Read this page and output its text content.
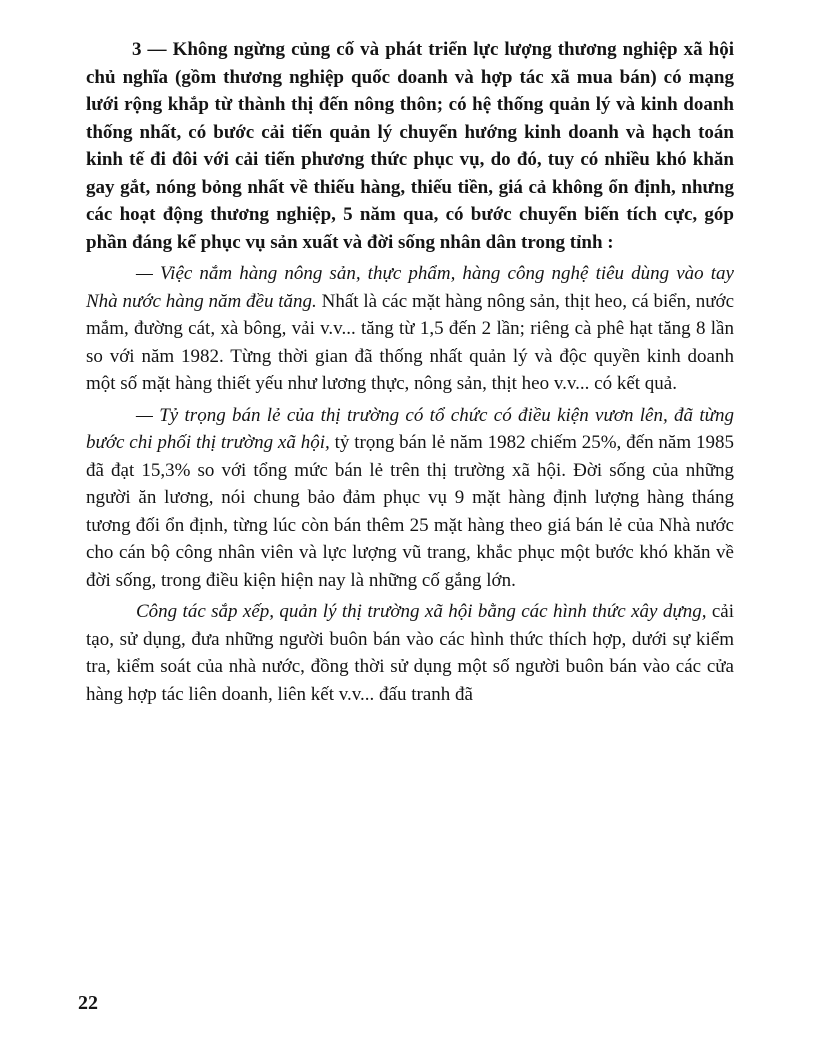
3 — Không ngừng củng cố và phát triển lực lượng thương nghiệp xã hội chủ nghĩa (gồm thương nghiệp quốc doanh và hợp tác xã mua bán) có mạng lưới rộng khắp từ thành thị đến nông thôn; có hệ thống quản lý và kinh doanh thống nhất, có bước cải tiến quản lý chuyển hướng kinh doanh và hạch toán kinh tế đi đôi với cải tiến phương thức phục vụ, do đó, tuy có nhiều khó khăn gay gắt, nóng bỏng nhất về thiếu hàng, thiếu tiền, giá cả không ổn định, nhưng các hoạt động thương nghiệp, 5 năm qua, có bước chuyển biến tích cực, góp phần đáng kể phục vụ sản xuất và đời sống nhân dân trong tỉnh :

— Việc nắm hàng nông sản, thực phẩm, hàng công nghệ tiêu dùng vào tay Nhà nước hàng năm đều tăng. Nhất là các mặt hàng nông sản, thịt heo, cá biển, nước mắm, đường cát, xà bông, vải v.v... tăng từ 1,5 đến 2 lần; riêng cà phê hạt tăng 8 lần so với năm 1982. Từng thời gian đã thống nhất quản lý và độc quyền kinh doanh một số mặt hàng thiết yếu như lương thực, nông sản, thịt heo v.v... có kết quả.

— Tỷ trọng bán lẻ của thị trường có tổ chức có điều kiện vươn lên, đã từng bước chi phối thị trường xã hội, tỷ trọng bán lẻ năm 1982 chiếm 25%, đến năm 1985 đã đạt 15,3% so với tổng mức bán lẻ trên thị trường xã hội. Đời sống của những người ăn lương, nói chung bảo đảm phục vụ 9 mặt hàng định lượng hàng tháng tương đối ổn định, từng lúc còn bán thêm 25 mặt hàng theo giá bán lẻ của Nhà nước cho cán bộ công nhân viên và lực lượng vũ trang, khắc phục một bước khó khăn về đời sống, trong điều kiện hiện nay là những cố gắng lớn.

Công tác sắp xếp, quản lý thị trường xã hội bằng các hình thức xây dựng, cải tạo, sử dụng, đưa những người buôn bán vào các hình thức thích hợp, dưới sự kiểm tra, kiểm soát của nhà nước, đồng thời sử dụng một số người buôn bán vào các cửa hàng hợp tác liên doanh, liên kết v.v... đấu tranh đã

22
